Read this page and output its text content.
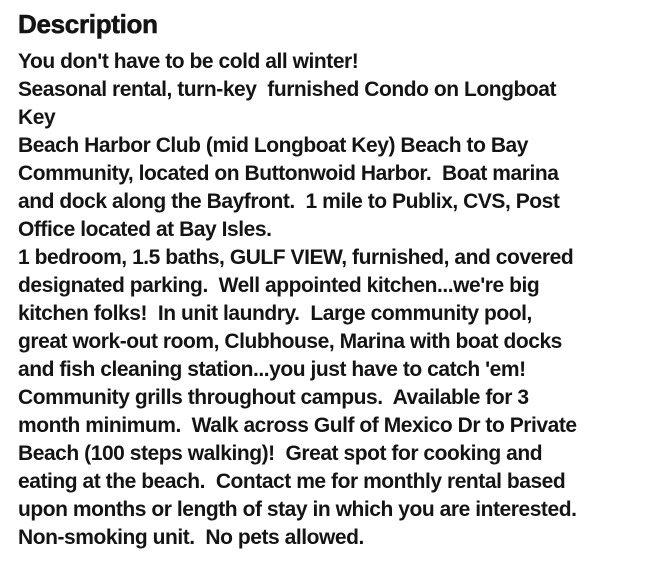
Description
You don't have to be cold all winter!
Seasonal rental, turn-key  furnished Condo on Longboat
Key
Beach Harbor Club (mid Longboat Key) Beach to Bay
Community, located on Buttonwoid Harbor.  Boat marina
and dock along the Bayfront.  1 mile to Publix, CVS, Post
Office located at Bay Isles.
1 bedroom, 1.5 baths, GULF VIEW, furnished, and covered
designated parking.  Well appointed kitchen...we're big
kitchen folks!  In unit laundry.  Large community pool,
great work-out room, Clubhouse, Marina with boat docks
and fish cleaning station...you just have to catch 'em!
Community grills throughout campus.  Available for 3
month minimum.  Walk across Gulf of Mexico Dr to Private
Beach (100 steps walking)!  Great spot for cooking and
eating at the beach.  Contact me for monthly rental based
upon months or length of stay in which you are interested.
Non-smoking unit.  No pets allowed.
